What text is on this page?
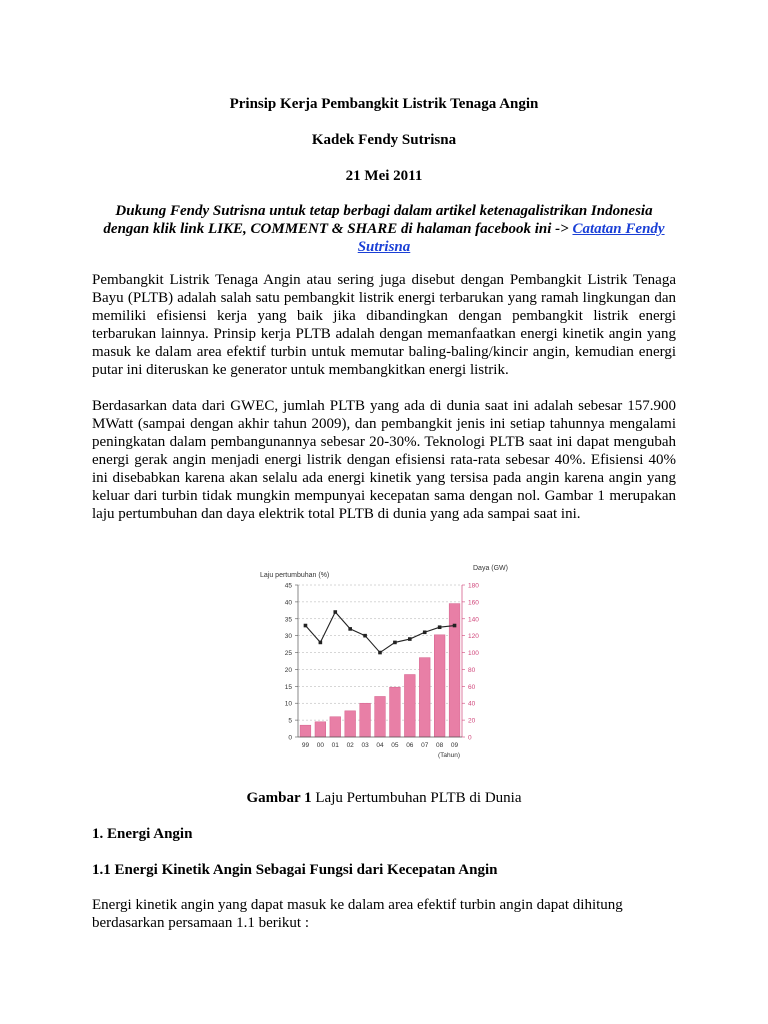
Prinsip Kerja Pembangkit Listrik Tenaga Angin
Kadek Fendy Sutrisna
21 Mei 2011
Dukung Fendy Sutrisna untuk tetap berbagi dalam artikel ketenagalistrikan Indonesia dengan klik link LIKE, COMMENT & SHARE di halaman facebook ini -> Catatan Fendy Sutrisna

Pembangkit Listrik Tenaga Angin atau sering juga disebut dengan Pembangkit Listrik Tenaga Bayu (PLTB) adalah salah satu pembangkit listrik energi terbarukan yang ramah lingkungan dan memiliki efisiensi kerja yang baik jika dibandingkan dengan pembangkit listrik energi terbarukan lainnya. Prinsip kerja PLTB adalah dengan memanfaatkan energi kinetik angin yang masuk ke dalam area efektif turbin untuk memutar baling-baling/kincir angin, kemudian energi putar ini diteruskan ke generator untuk membangkitkan energi listrik.

Berdasarkan data dari GWEC, jumlah PLTB yang ada di dunia saat ini adalah sebesar 157.900 MWatt (sampai dengan akhir tahun 2009), dan pembangkit jenis ini setiap tahunnya mengalami peningkatan dalam pembangunannya sebesar 20-30%. Teknologi PLTB saat ini dapat mengubah energi gerak angin menjadi energi listrik dengan efisiensi rata-rata sebesar 40%. Efisiensi 40% ini disebabkan karena akan selalu ada energi kinetik yang tersisa pada angin karena angin yang keluar dari turbin tidak mungkin mempunyai kecepatan sama dengan nol. Gambar 1 merupakan laju pertumbuhan dan daya elektrik total PLTB di dunia yang ada sampai saat ini.

Laju pertumbuhan (%)
Daya (GW)
0
5
10
15
20
25
30
35
40
45
0
20
40
60
80
100
120
140
160
180
99 00 01 02 03 04 05 06 07 08 09
(Tahun)
Gambar 1 Laju Pertumbuhan PLTB di Dunia
1. Energi Angin
1.1 Energi Kinetik Angin Sebagai Fungsi dari Kecepatan Angin

Energi kinetik angin yang dapat masuk ke dalam area efektif turbin angin dapat dihitung berdasarkan persamaan 1.1 berikut :
